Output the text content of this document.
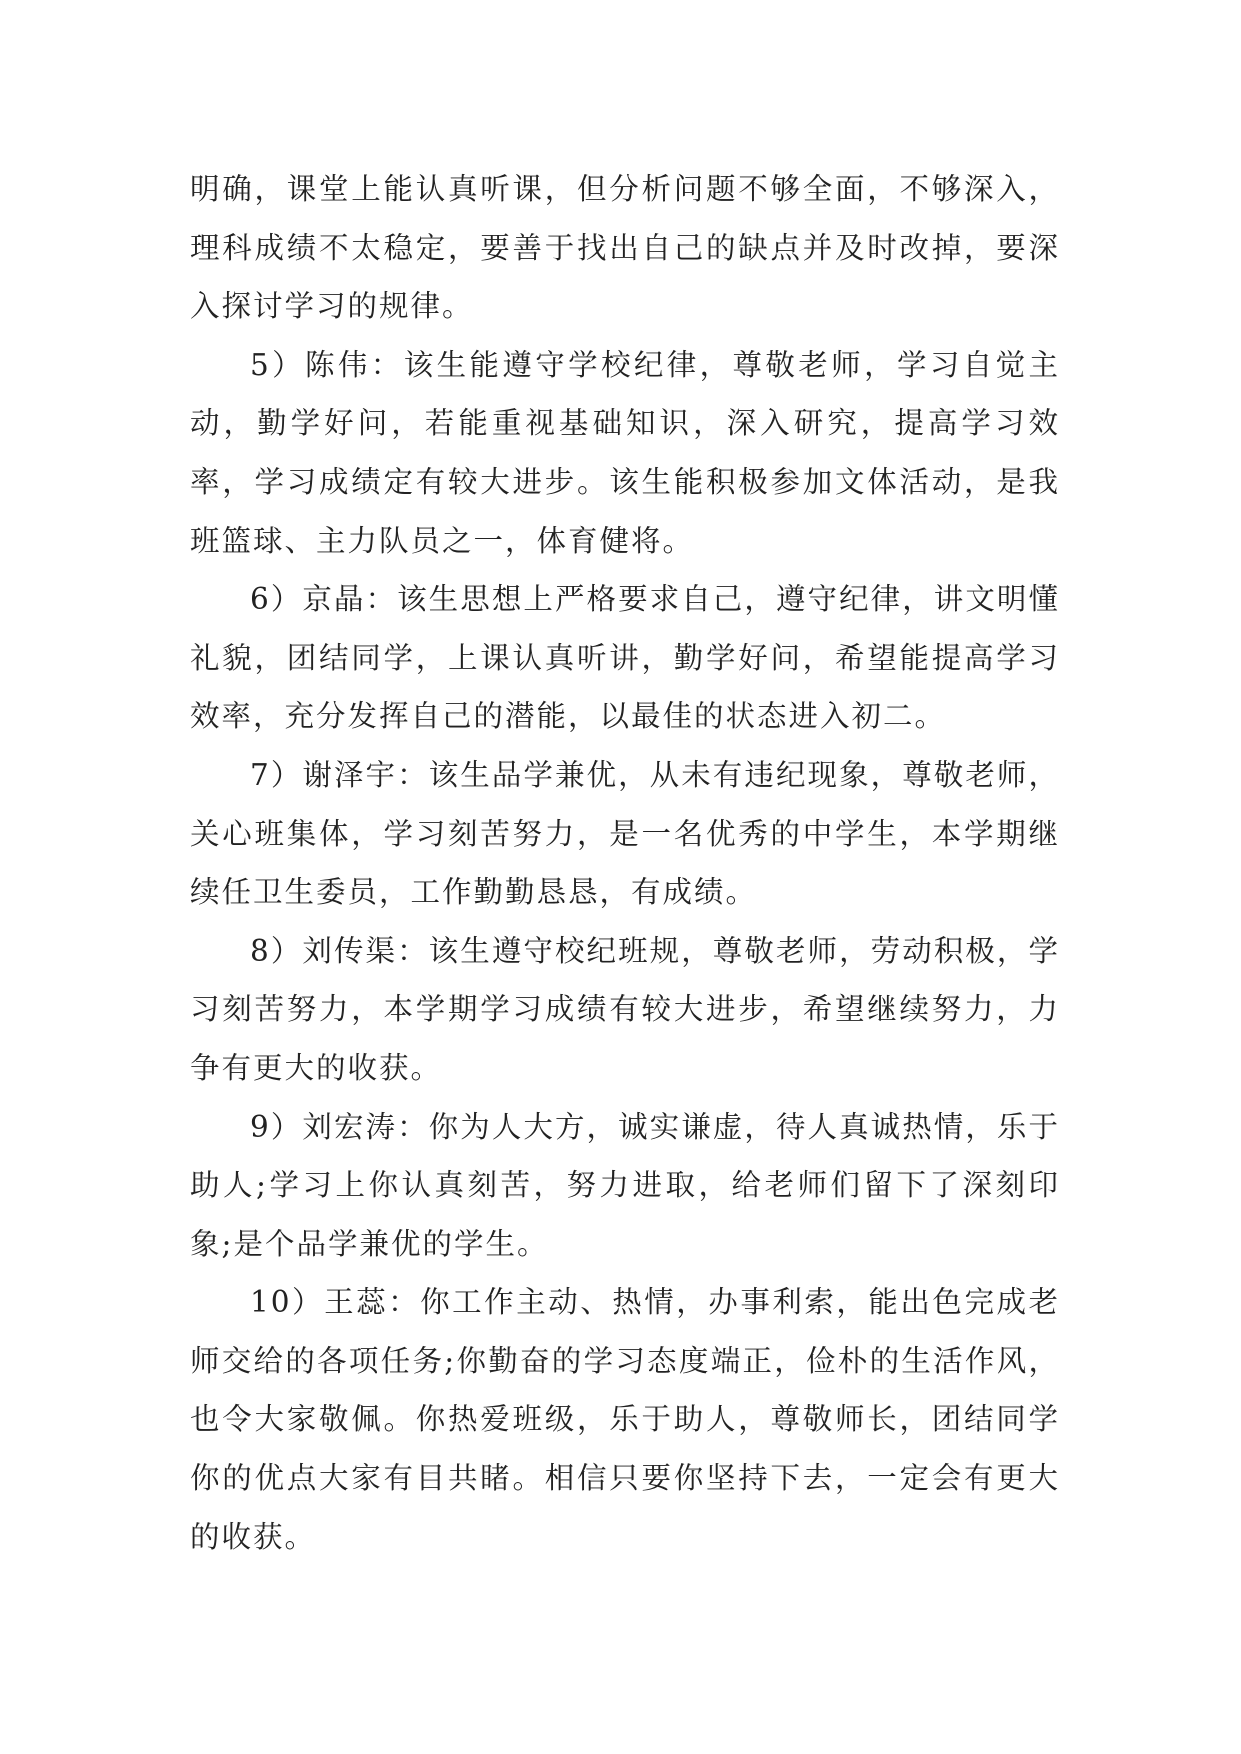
明确，课堂上能认真听课，但分析问题不够全面，不够深入，理科成绩不太稳定，要善于找出自己的缺点并及时改掉，要深入探讨学习的规律。

5）陈伟：该生能遵守学校纪律，尊敬老师，学习自觉主动，勤学好问，若能重视基础知识，深入研究，提高学习效率，学习成绩定有较大进步。该生能积极参加文体活动，是我班篮球、主力队员之一，体育健将。

6）京晶：该生思想上严格要求自己，遵守纪律，讲文明懂礼貌，团结同学，上课认真听讲，勤学好问，希望能提高学习效率，充分发挥自己的潜能，以最佳的状态进入初二。

7）谢泽宇：该生品学兼优，从未有违纪现象，尊敬老师，关心班集体，学习刻苦努力，是一名优秀的中学生，本学期继续任卫生委员，工作勤勤恳恳，有成绩。

8）刘传渠：该生遵守校纪班规，尊敬老师，劳动积极，学习刻苦努力，本学期学习成绩有较大进步，希望继续努力，力争有更大的收获。

9）刘宏涛：你为人大方，诚实谦虚，待人真诚热情，乐于助人;学习上你认真刻苦，努力进取，给老师们留下了深刻印象;是个品学兼优的学生。

10）王蕊：你工作主动、热情，办事利索，能出色完成老师交给的各项任务;你勤奋的学习态度端正，俭朴的生活作风，也令大家敬佩。你热爱班级，乐于助人，尊敬师长，团结同学你的优点大家有目共睹。相信只要你坚持下去，一定会有更大的收获。
